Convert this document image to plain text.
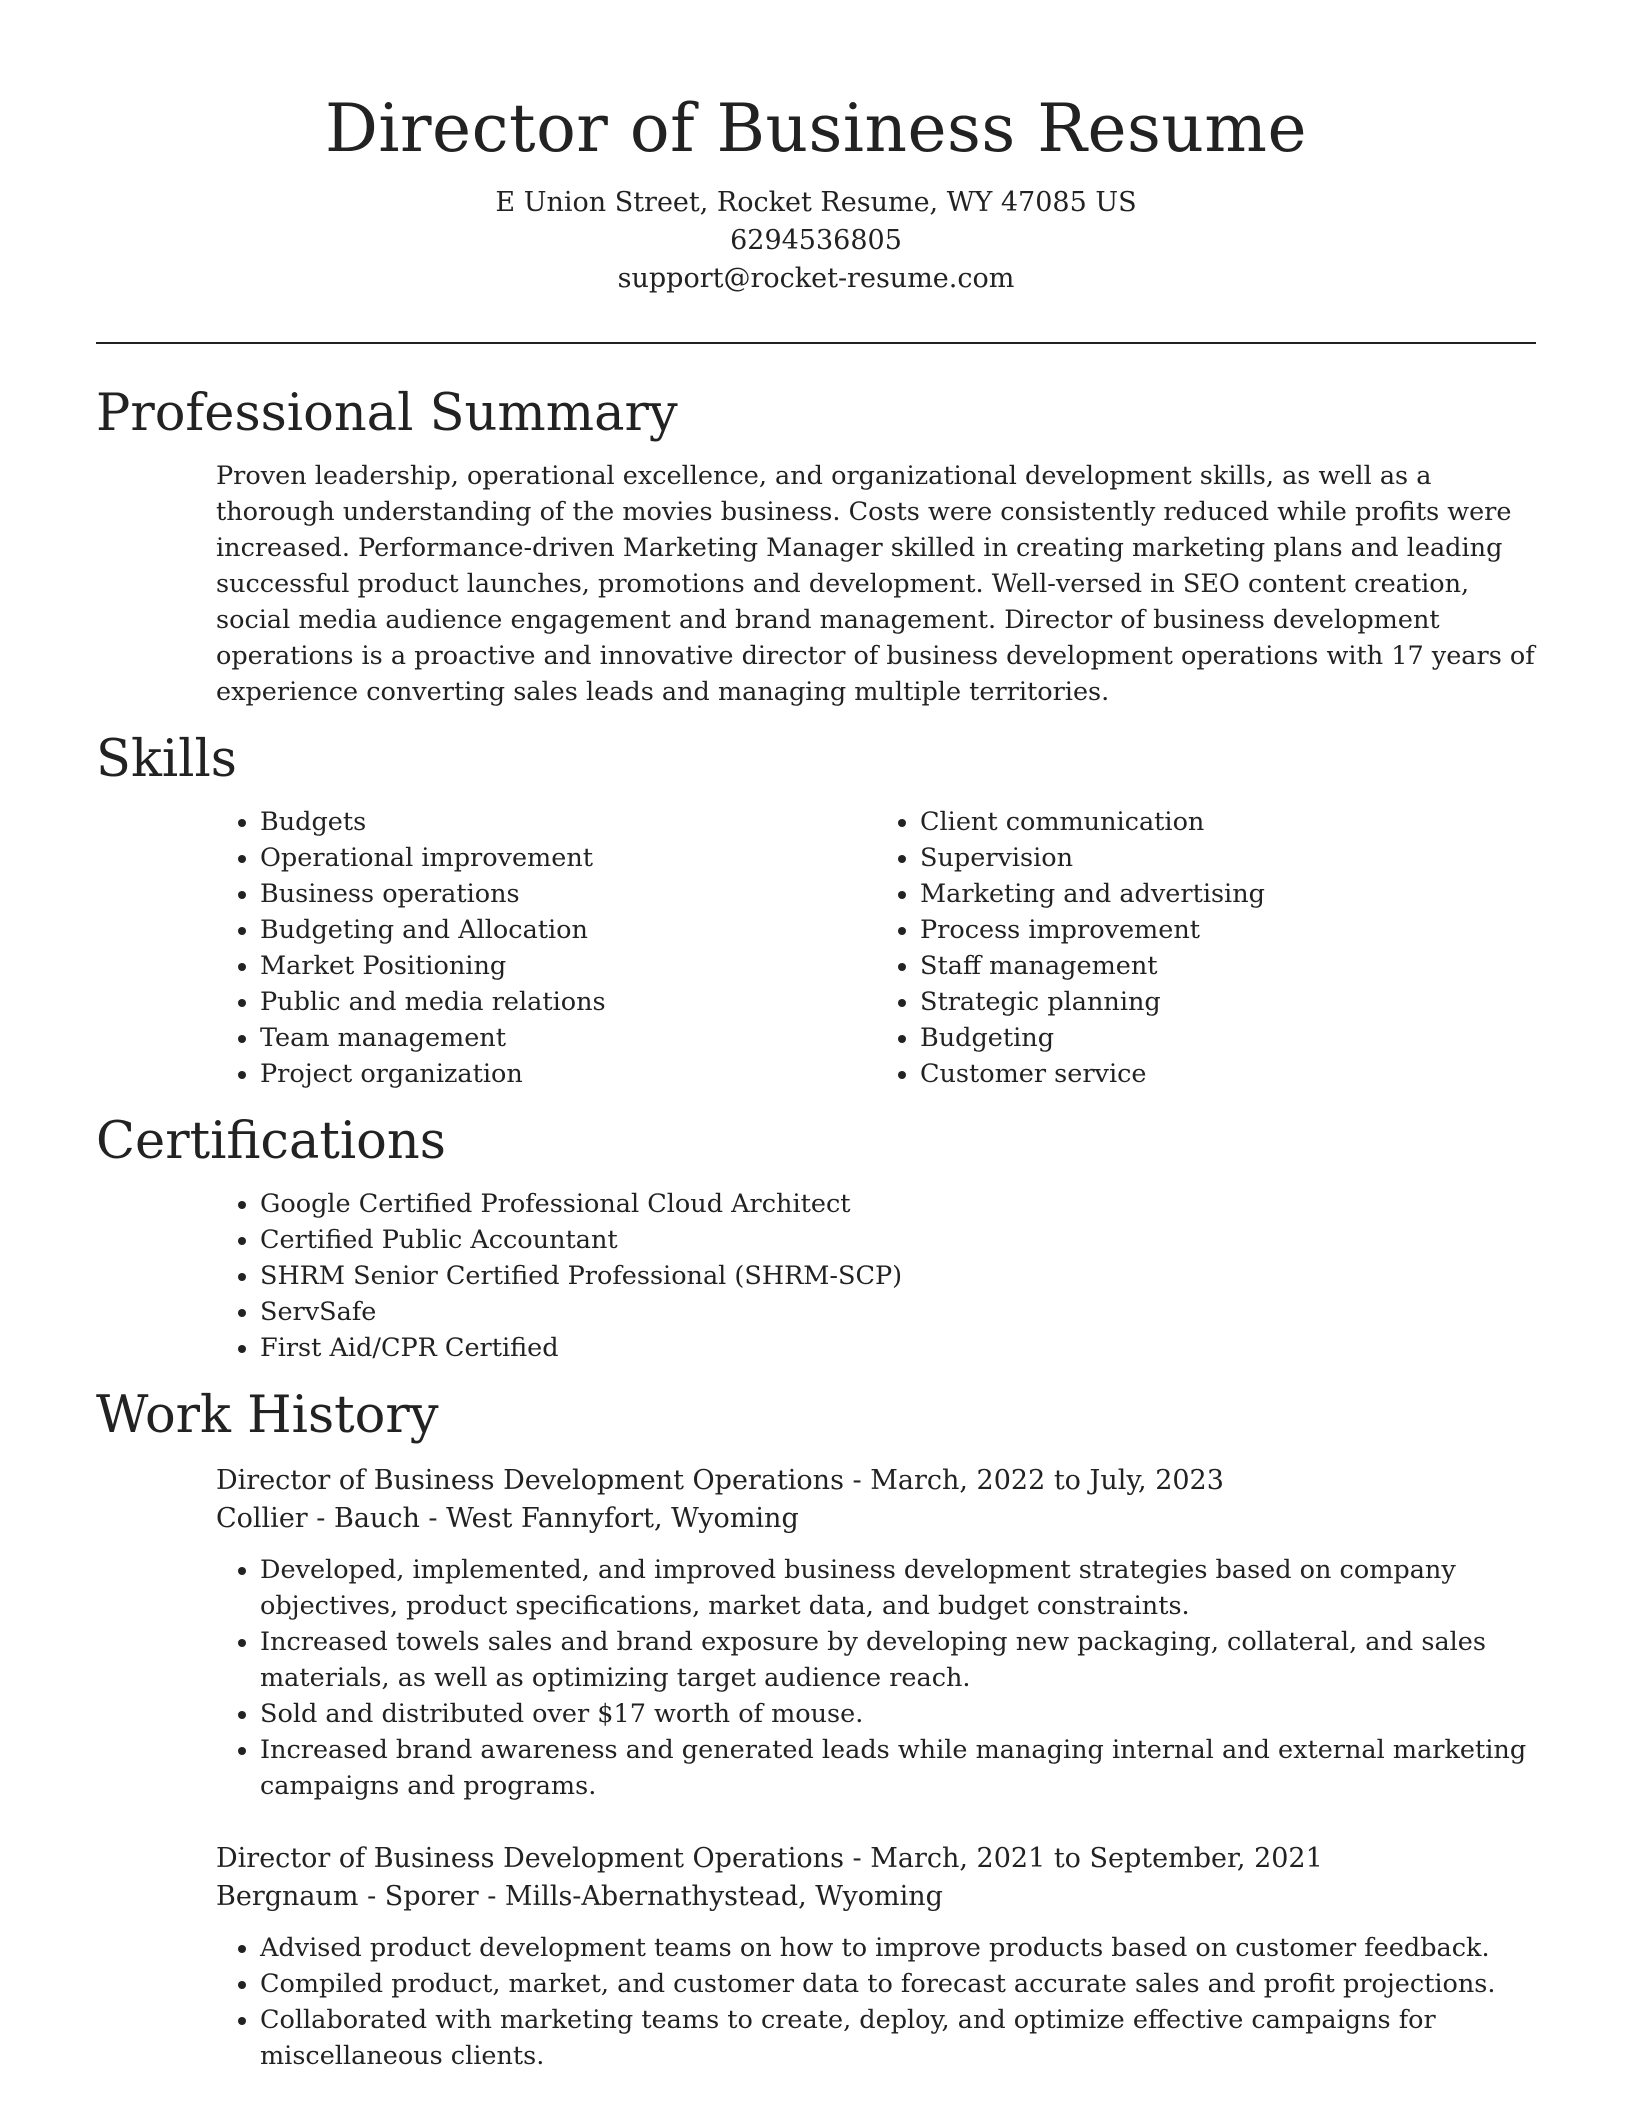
Director of Business Resume
E Union Street, Rocket Resume, WY 47085 US
6294536805
support@rocket-resume.com
Professional Summary

Proven leadership, operational excellence, and organizational development skills, as well as a thorough understanding of the movies business. Costs were consistently reduced while profits were increased. Performance-driven Marketing Manager skilled in creating marketing plans and leading successful product launches, promotions and development. Well-versed in SEO content creation, social media audience engagement and brand management. Director of business development operations is a proactive and innovative director of business development operations with 17 years of experience converting sales leads and managing multiple territories.

Skills
• Budgets
• Operational improvement
• Business operations
• Budgeting and Allocation
• Market Positioning
• Public and media relations
• Team management
• Project organization
• Client communication
• Supervision
• Marketing and advertising
• Process improvement
• Staff management
• Strategic planning
• Budgeting
• Customer service
Certifications
• Google Certified Professional Cloud Architect
• Certified Public Accountant
• SHRM Senior Certified Professional (SHRM-SCP)
• ServSafe
• First Aid/CPR Certified
Work History
Director of Business Development Operations - March, 2022 to July, 2023
Collier - Bauch - West Fannyfort, Wyoming
• Developed, implemented, and improved business development strategies based on company objectives, product specifications, market data, and budget constraints.
• Increased towels sales and brand exposure by developing new packaging, collateral, and sales materials, as well as optimizing target audience reach.
• Sold and distributed over $17 worth of mouse.
• Increased brand awareness and generated leads while managing internal and external marketing campaigns and programs.
Director of Business Development Operations - March, 2021 to September, 2021
Bergnaum - Sporer - Mills-Abernathystead, Wyoming
• Advised product development teams on how to improve products based on customer feedback.
• Compiled product, market, and customer data to forecast accurate sales and profit projections.
• Collaborated with marketing teams to create, deploy, and optimize effective campaigns for miscellaneous clients.
